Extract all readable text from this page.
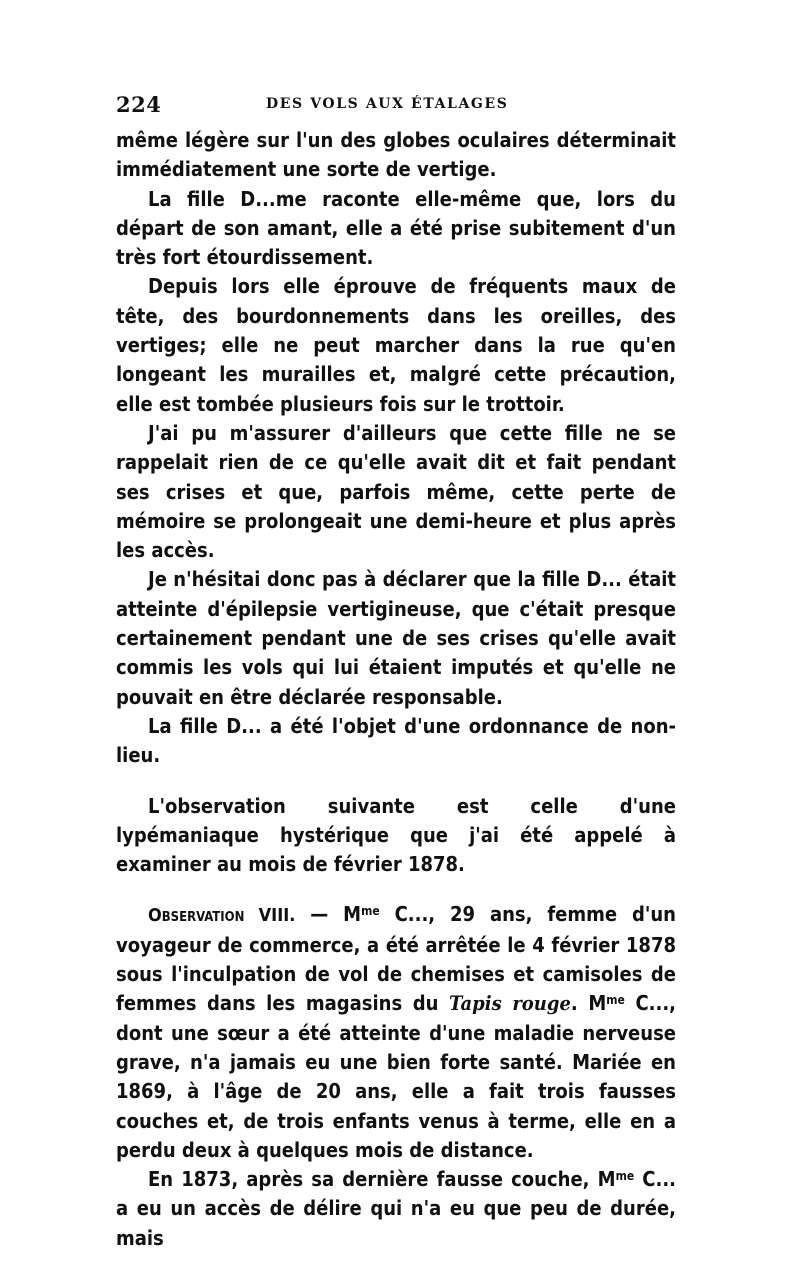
224	DES VOLS AUX ÉTALAGES

même légère sur l'un des globes oculaires déterminait immédiatement une sorte de vertige.

La fille D...me raconte elle-même que, lors du départ de son amant, elle a été prise subitement d'un très fort étourdissement.

Depuis lors elle éprouve de fréquents maux de tête, des bourdonnements dans les oreilles, des vertiges; elle ne peut marcher dans la rue qu'en longeant les murailles et, malgré cette précaution, elle est tombée plusieurs fois sur le trottoir.

J'ai pu m'assurer d'ailleurs que cette fille ne se rappelait rien de ce qu'elle avait dit et fait pendant ses crises et que, parfois même, cette perte de mémoire se prolongeait une demi-heure et plus après les accès.

Je n'hésitai donc pas à déclarer que la fille D... était atteinte d'épilepsie vertigineuse, que c'était presque certainement pendant une de ses crises qu'elle avait commis les vols qui lui étaient imputés et qu'elle ne pouvait en être déclarée responsable.

La fille D... a été l'objet d'une ordonnance de non-lieu.

L'observation suivante est celle d'une lypémaniaque hystérique que j'ai été appelé à examiner au mois de février 1878.

Observation VIII. — $M^{me}$ C..., 29 ans, femme d'un voyageur de commerce, a été arrêtée le 4 février 1878 sous l'inculpation de vol de chemises et camisoles de femmes dans les magasins du Tapis rouge. $M^{me}$ C..., dont une sœur a été atteinte d'une maladie nerveuse grave, n'a jamais eu une bien forte santé. Mariée en 1869, à l'âge de 20 ans, elle a fait trois fausses couches et, de trois enfants venus à terme, elle en a perdu deux à quelques mois de distance.

En 1873, après sa dernière fausse couche, $M^{me}$ C... a eu un accès de délire qui n'a eu que peu de durée, mais
